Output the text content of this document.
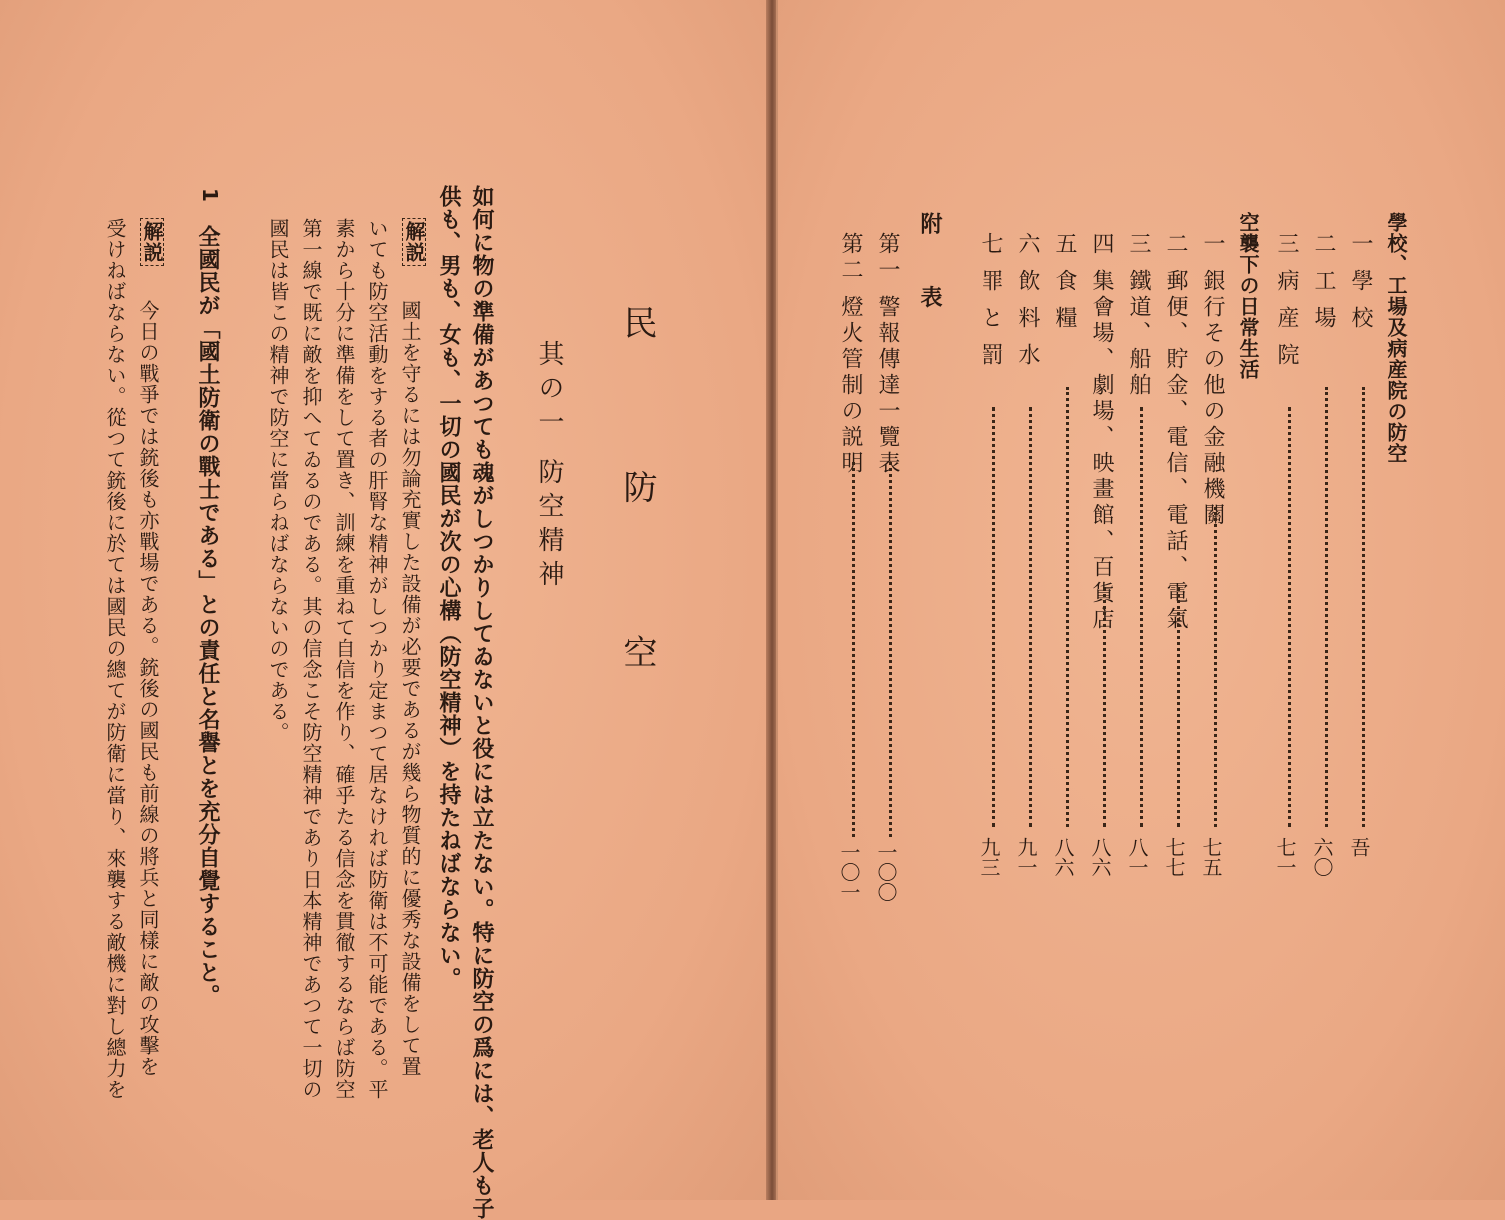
民 防 空
其の一 防空精神
如何に物の準備があつても魂がしつかりしてゐないと役には立たない。特に防空の爲には、老人も子
供も、男も、女も、一切の國民が次の心構（防空精神）を持たねばならない。
解説
國土を守るには勿論充實した設備が必要であるが幾ら物質的に優秀な設備をして置
いても防空活動をする者の肝腎な精神がしつかり定まつて居なければ防衛は不可能である。平
素から十分に準備をして置き、訓練を重ねて自信を作り、確乎たる信念を貫徹するならば防空
第一線で既に敵を抑へてゐるのである。其の信念こそ防空精神であり日本精神であつて一切の
國民は皆この精神で防空に當らねばならないのである。
1
全國民が「國土防衛の戰士である」との責任と名譽とを充分自覺すること。
解説
今日の戰爭では銃後も亦戰場である。銃後の國民も前線の將兵と同樣に敵の攻擊を
受けねばならない。從つて銃後に於ては國民の總てが防衛に當り、來襲する敵機に對し總力を	學校、工場及病産院の防空
一 學 校
吾
二 工 場
六〇
三 病 産 院
七一
空襲下の日常生活
一 銀行その他の金融機關
七五
二 郵便、貯金、電信、電話、電氣
七七
三 鐵道、船舶
八一
四 集會場、劇場、映畫館、百貨店
八六
五 食 糧
八六
六 飲 料 水
九一
七 罪 と 罰
九三
附 表
第一 警報傳達一覽表
一〇〇
第二 燈火管制の説明
一〇一
